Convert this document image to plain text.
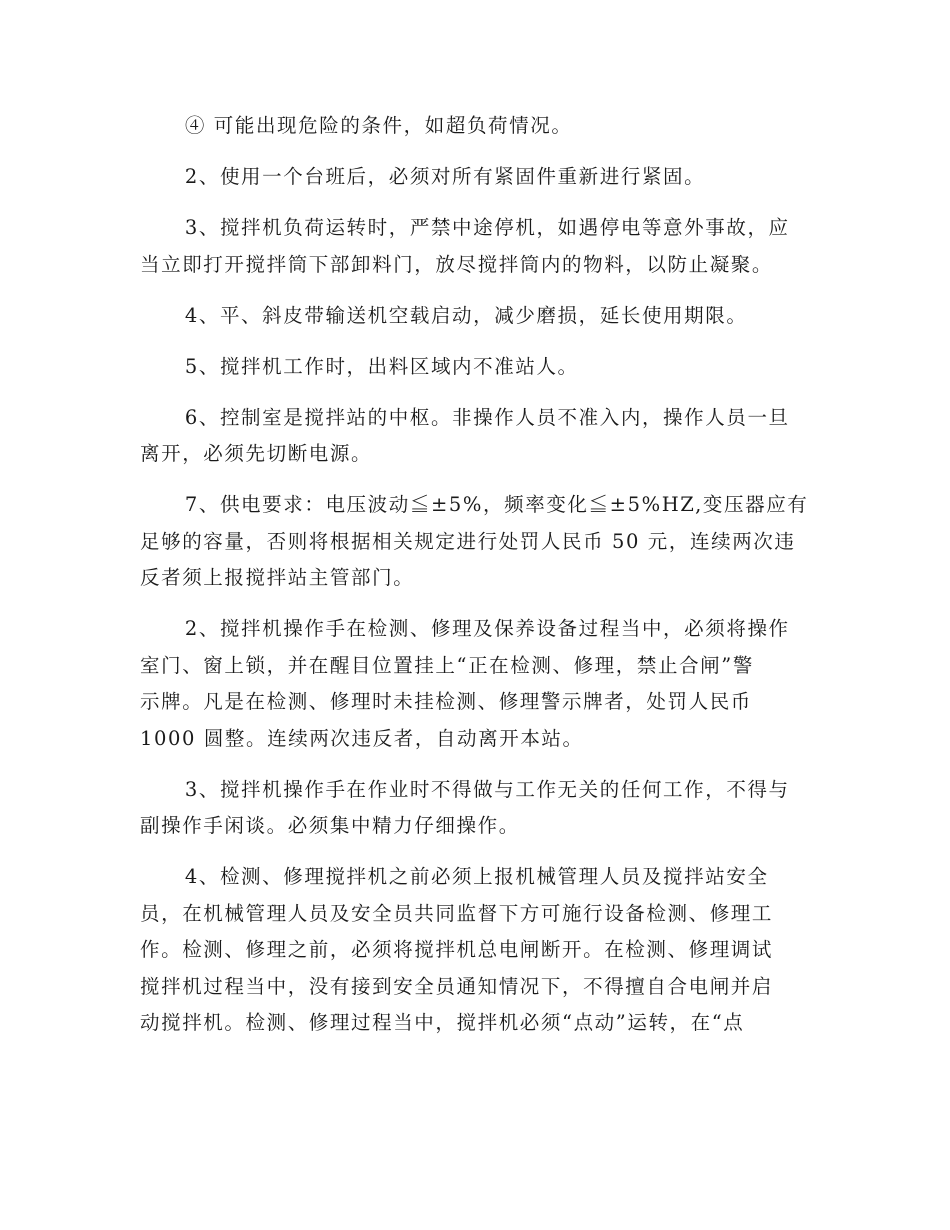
④ 可能出现危险的条件，如超负荷情况。
2、使用一个台班后，必须对所有紧固件重新进行紧固。
3、搅拌机负荷运转时，严禁中途停机，如遇停电等意外事故，应
当立即打开搅拌筒下部卸料门，放尽搅拌筒内的物料，以防止凝聚。
4、平、斜皮带输送机空载启动，减少磨损，延长使用期限。
5、搅拌机工作时，出料区域内不准站人。
6、控制室是搅拌站的中枢。非操作人员不准入内，操作人员一旦
离开，必须先切断电源。
7、供电要求：电压波动≦±5%，频率变化≦±5%HZ,变压器应有
足够的容量，否则将根据相关规定进行处罚人民币 50 元，连续两次违
反者须上报搅拌站主管部门。
2、搅拌机操作手在检测、修理及保养设备过程当中，必须将操作
室门、窗上锁，并在醒目位置挂上“正在检测、修理，禁止合闸”警
示牌。凡是在检测、修理时未挂检测、修理警示牌者，处罚人民币
1000 圆整。连续两次违反者，自动离开本站。
3、搅拌机操作手在作业时不得做与工作无关的任何工作，不得与
副操作手闲谈。必须集中精力仔细操作。
4、检测、修理搅拌机之前必须上报机械管理人员及搅拌站安全
员，在机械管理人员及安全员共同监督下方可施行设备检测、修理工
作。检测、修理之前，必须将搅拌机总电闸断开。在检测、修理调试
搅拌机过程当中，没有接到安全员通知情况下，不得擅自合电闸并启
动搅拌机。检测、修理过程当中，搅拌机必须“点动”运转，在“点
